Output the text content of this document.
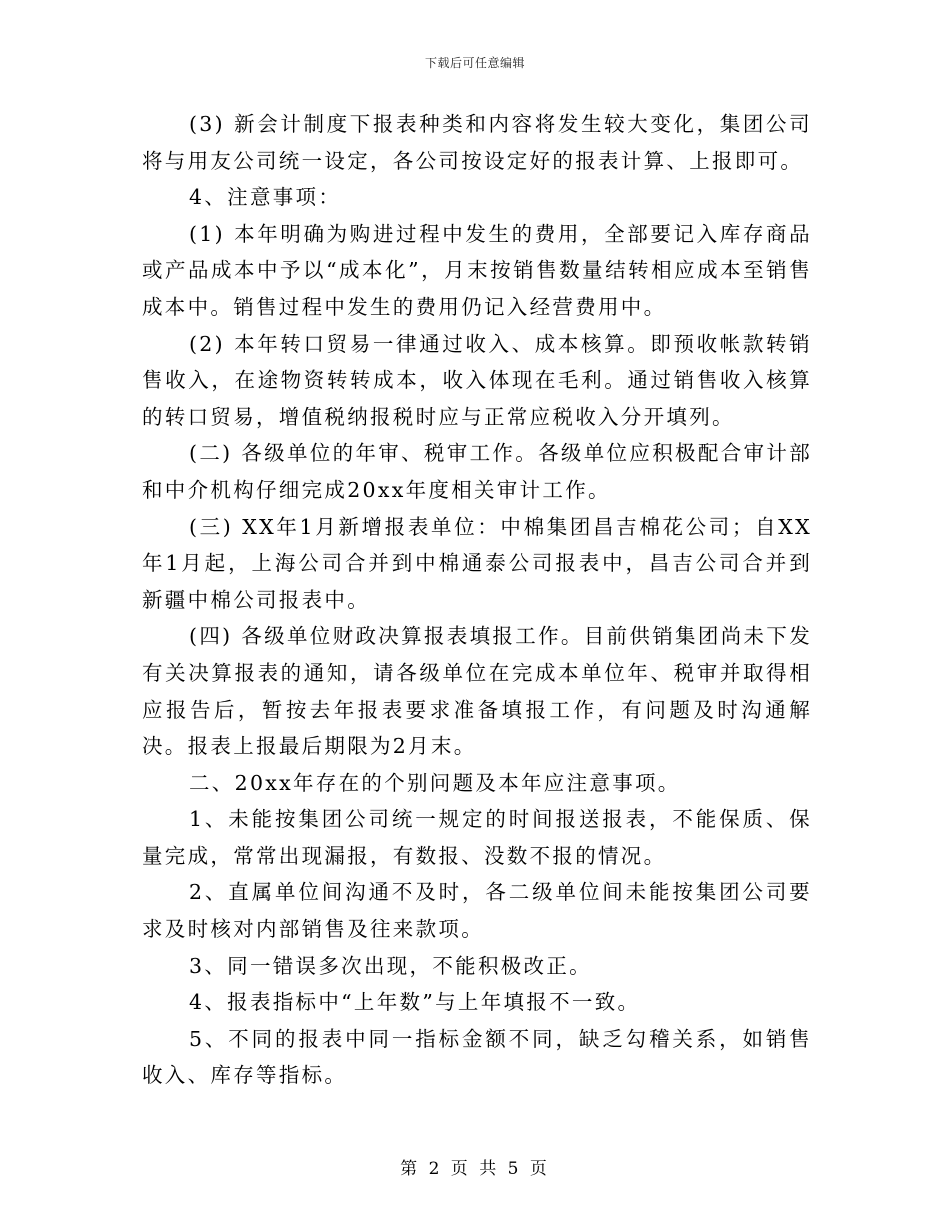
下载后可任意编辑

(3) 新会计制度下报表种类和内容将发生较大变化，集团公司将与用友公司统一设定，各公司按设定好的报表计算、上报即可。

4、注意事项：

(1) 本年明确为购进过程中发生的费用，全部要记入库存商品或产品成本中予以“成本化”，月末按销售数量结转相应成本至销售成本中。销售过程中发生的费用仍记入经营费用中。

(2) 本年转口贸易一律通过收入、成本核算。即预收帐款转销售收入，在途物资转转成本，收入体现在毛利。通过销售收入核算的转口贸易，增值税纳报税时应与正常应税收入分开填列。

(二) 各级单位的年审、税审工作。各级单位应积极配合审计部和中介机构仔细完成20xx年度相关审计工作。

(三) XX年1月新增报表单位：中棉集团昌吉棉花公司；自XX年1月起，上海公司合并到中棉通泰公司报表中，昌吉公司合并到新疆中棉公司报表中。

(四) 各级单位财政决算报表填报工作。目前供销集团尚未下发有关决算报表的通知，请各级单位在完成本单位年、税审并取得相应报告后，暂按去年报表要求准备填报工作，有问题及时沟通解决。报表上报最后期限为2月末。

二、20xx年存在的个别问题及本年应注意事项。

1、未能按集团公司统一规定的时间报送报表，不能保质、保量完成，常常出现漏报，有数报、没数不报的情况。

2、直属单位间沟通不及时，各二级单位间未能按集团公司要求及时核对内部销售及往来款项。

3、同一错误多次出现，不能积极改正。

4、报表指标中“上年数”与上年填报不一致。

5、不同的报表中同一指标金额不同，缺乏勾稽关系，如销售收入、库存等指标。

第 2 页 共 5 页
